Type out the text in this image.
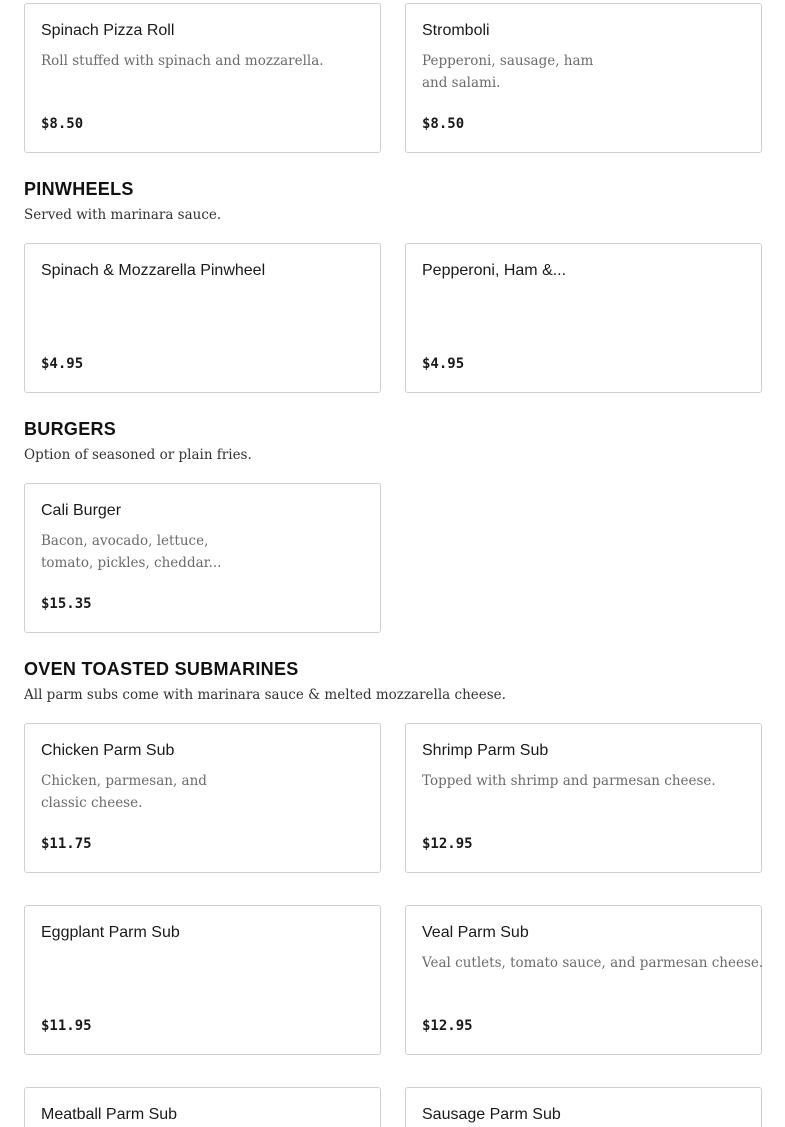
Spinach Pizza Roll
Roll stuffed with spinach and mozzarella.
$8.50
Stromboli
Pepperoni, sausage, ham
and salami.
$8.50
PINWHEELS
Served with marinara sauce.
Spinach & Mozzarella Pinwheel
$4.95
Pepperoni, Ham &...
$4.95
BURGERS
Option of seasoned or plain fries.
Cali Burger
Bacon, avocado, lettuce,
tomato, pickles, cheddar...
$15.35
OVEN TOASTED SUBMARINES
All parm subs come with marinara sauce & melted mozzarella cheese.
Chicken Parm Sub
Chicken, parmesan, and
classic cheese.
$11.75
Shrimp Parm Sub
Topped with shrimp and parmesan cheese.
$12.95
Eggplant Parm Sub
$11.95
Veal Parm Sub
Veal cutlets, tomato sauce, and parmesan cheese.
$12.95
Meatball Parm Sub	Sausage Parm Sub
